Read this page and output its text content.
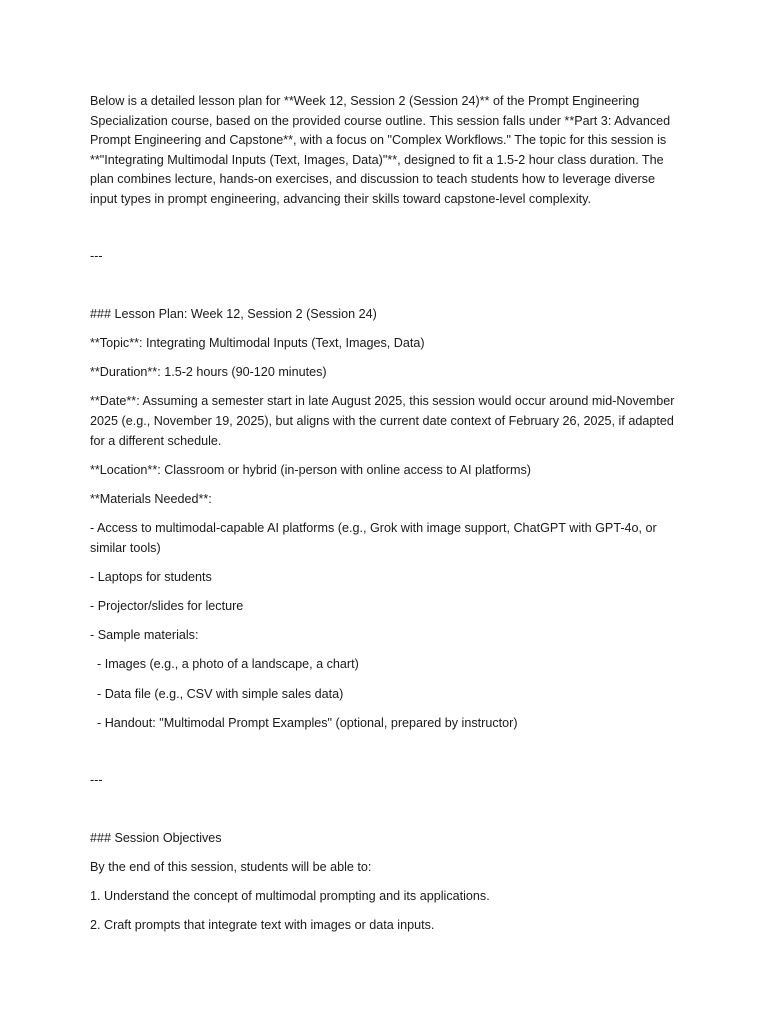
Below is a detailed lesson plan for **Week 12, Session 2 (Session 24)** of the Prompt Engineering Specialization course, based on the provided course outline. This session falls under **Part 3: Advanced Prompt Engineering and Capstone**, with a focus on "Complex Workflows." The topic for this session is **"Integrating Multimodal Inputs (Text, Images, Data)"**, designed to fit a 1.5-2 hour class duration. The plan combines lecture, hands-on exercises, and discussion to teach students how to leverage diverse input types in prompt engineering, advancing their skills toward capstone-level complexity.

---

### Lesson Plan: Week 12, Session 2 (Session 24)

**Topic**: Integrating Multimodal Inputs (Text, Images, Data)

**Duration**: 1.5-2 hours (90-120 minutes)

**Date**: Assuming a semester start in late August 2025, this session would occur around mid-November 2025 (e.g., November 19, 2025), but aligns with the current date context of February 26, 2025, if adapted for a different schedule.

**Location**: Classroom or hybrid (in-person with online access to AI platforms)

**Materials Needed**:

- Access to multimodal-capable AI platforms (e.g., Grok with image support, ChatGPT with GPT-4o, or similar tools)

- Laptops for students

- Projector/slides for lecture

- Sample materials:

- Images (e.g., a photo of a landscape, a chart)

- Data file (e.g., CSV with simple sales data)

- Handout: "Multimodal Prompt Examples" (optional, prepared by instructor)

---

### Session Objectives

By the end of this session, students will be able to:

1. Understand the concept of multimodal prompting and its applications.

2. Craft prompts that integrate text with images or data inputs.
